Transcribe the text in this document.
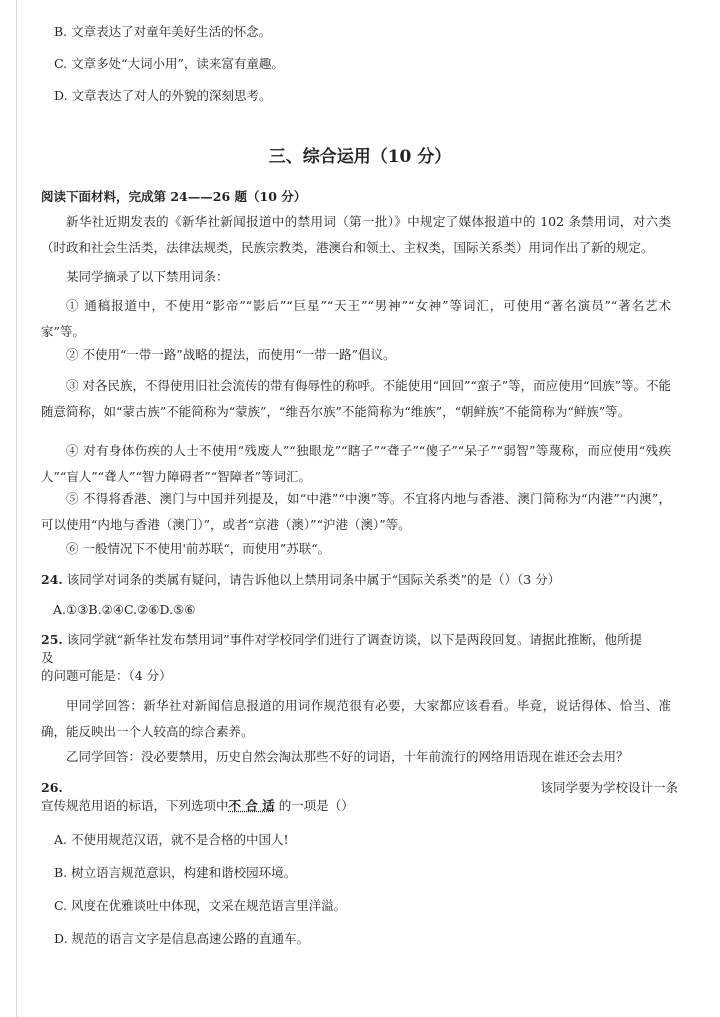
B. 文章表达了对童年美好生活的怀念。
C. 文章多处“大词小用”，读来富有童趣。
D. 文章表达了对人的外貌的深刻思考。
三、综合运用（10 分）
阅读下面材料，完成第 24——26 题（10 分）
新华社近期发表的《新华社新闻报道中的禁用词（第一批）》中规定了媒体报道中的 102 条禁用词，对六类（时政和社会生活类，法律法规类，民族宗教类，港澳台和领土、主权类，国际关系类）用词作出了新的规定。
某同学摘录了以下禁用词条：
① 通稿报道中，不使用“影帝”“影后”“巨星”“天王”“男神”“女神”等词汇，可使用“著名演员”“著名艺术家”等。
② 不使用“一带一路”战略的提法，而使用“一带一路”倡议。
③ 对各民族，不得使用旧社会流传的带有侮辱性的称呼。不能使用“回回”“蛮子”等，而应使用“回族”等。不能随意简称，如“蒙古族”不能简称为“蒙族”，“维吾尔族”不能简称为“维族”，“朝鲜族”不能简称为“鲜族”等。
④ 对有身体伤疾的人士不使用“残废人”“独眼龙”“瞎子”“聋子”“傻子”“呆子”“弱智”等蔑称，而应使用“残疾人”“盲人”“聋人”“智力障碍者”“智障者”等词汇。
⑤ 不得将香港、澳门与中国并列提及，如“中港”“中澳”等。不宜将内地与香港、澳门简称为“内港”“内澳”，可以使用“内地与香港（澳门）”，或者“京港（澳）”“沪港（澳）”等。
⑥ 一般情况下不使用'前苏联“，而使用”苏联“。
24. 该同学对词条的类属有疑问，请告诉他以上禁用词条中属于“国际关系类”的是（）（3 分）
A.①③B.②④C.②⑥D.⑤⑥
25. 该同学就“新华社发布禁用词”事件对学校同学们进行了调查访谈，以下是两段回复。请据此推断，他所提
及
的问题可能是：（4 分）
甲同学回答：新华社对新闻信息报道的用词作规范很有必要，大家都应该看看。毕竟，说话得体、恰当、准确，能反映出一个人较高的综合素养。
乙同学回答：没必要禁用，历史自然会淘汰那些不好的词语，十年前流行的网络用语现在谁还会去用？
26.	该同学要为学校设计一条
宣传规范用语的标语，下列选项中不 合 适 的一项是（）
A. 不使用规范汉语，就不是合格的中国人!
B. 树立语言规范意识，构建和谐校园环境。
C. 风度在优雅谈吐中体现，文采在规范语言里洋溢。
D. 规范的语言文字是信息高速公路的直通车。
